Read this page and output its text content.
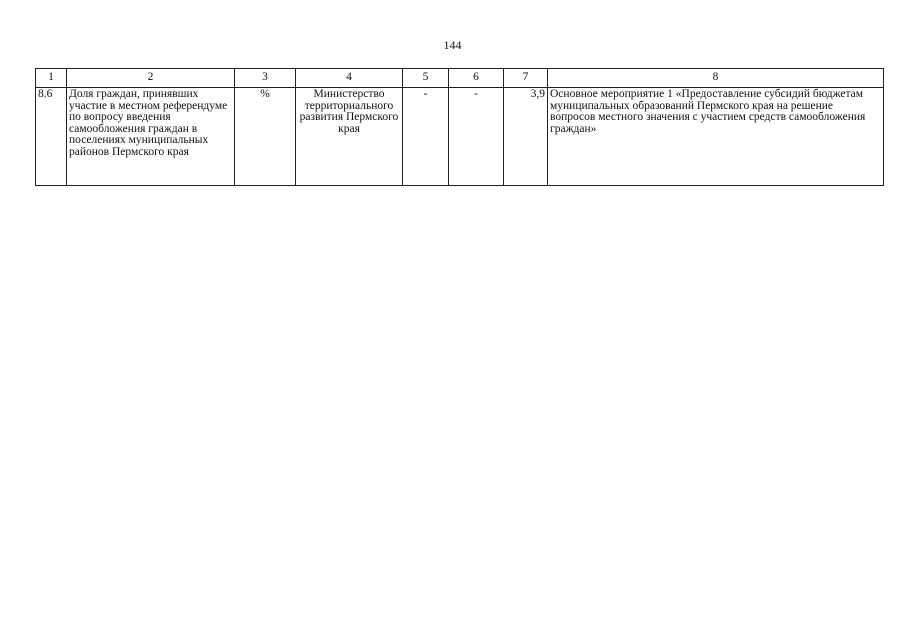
144
1	2	3	4	5	6	7	8
8.6	Доля граждан, принявших участие в местном референдуме по вопросу введения самообложения граждан в поселениях муниципальных районов Пермского края	%	Министерство территориального развития Пермского края	-	-	3,9	Основное мероприятие 1 «Предоставление субсидий бюджетам муниципальных образований Пермского края на решение вопросов местного значения с участием средств самообложения граждан»
